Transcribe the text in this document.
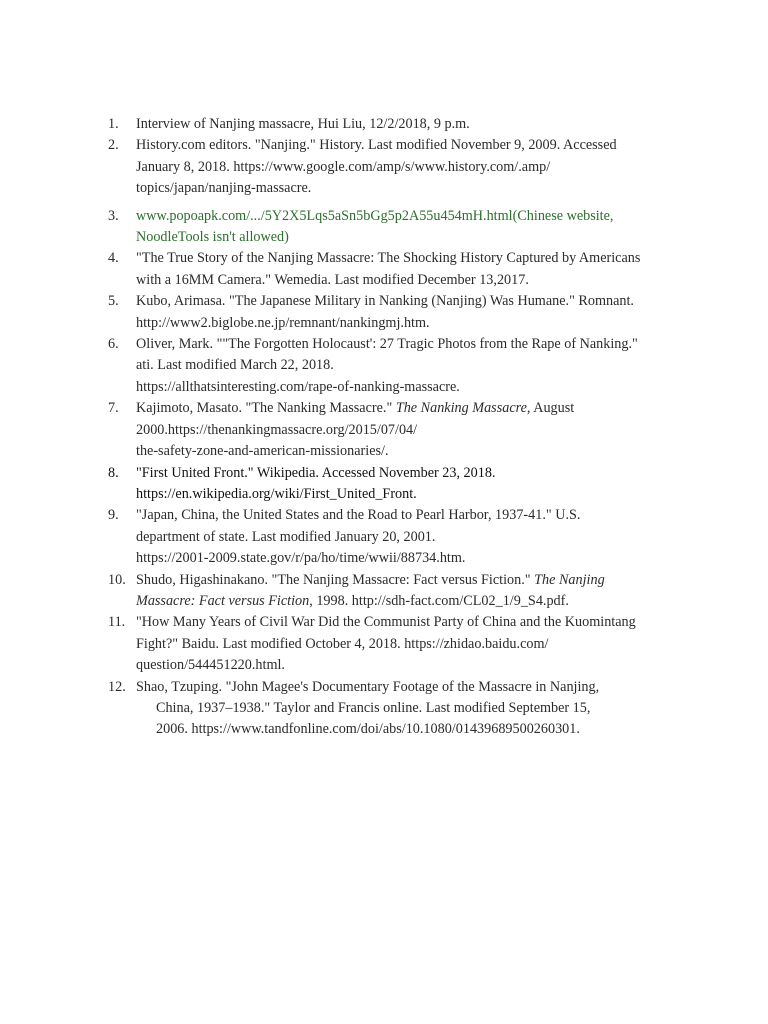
1.	Interview of Nanjing massacre, Hui Liu, 12/2/2018, 9 p.m.
2.	History.com editors. "Nanjing." History. Last modified November 9, 2009. Accessed
January 8, 2018. https://www.google.com/amp/s/www.history.com/.amp/
topics/japan/nanjing-massacre.
3.	www.popoapk.com/.../5Y2X5Lqs5aSn5bGg5p2A55u454mH.html(Chinese website,
NoodleTools isn't allowed)
4.	"The True Story of the Nanjing Massacre: The Shocking History Captured by Americans
with a 16MM Camera." Wemedia. Last modified December 13,2017.
5.	Kubo, Arimasa. "The Japanese Military in Nanking (Nanjing) Was Humane." Romnant.
http://www2.biglobe.ne.jp/remnant/nankingmj.htm.
6.	Oliver, Mark. ""The Forgotten Holocaust': 27 Tragic Photos from the Rape of Nanking."
ati. Last modified March 22, 2018.
https://allthatsinteresting.com/rape-of-nanking-massacre.
7.	Kajimoto, Masato. "The Nanking Massacre." The Nanking Massacre, August
2000.https://thenankingmassacre.org/2015/07/04/
the-safety-zone-and-american-missionaries/.
8.	"First United Front." Wikipedia. Accessed November 23, 2018.
https://en.wikipedia.org/wiki/First_United_Front.
9.	"Japan, China, the United States and the Road to Pearl Harbor, 1937-41." U.S.
department of state. Last modified January 20, 2001.
https://2001-2009.state.gov/r/pa/ho/time/wwii/88734.htm.
10. Shudo, Higashinakano. "The Nanjing Massacre: Fact versus Fiction." The Nanjing
Massacre: Fact versus Fiction, 1998. http://sdh-fact.com/CL02_1/9_S4.pdf.
11. "How Many Years of Civil War Did the Communist Party of China and the Kuomintang
Fight?" Baidu. Last modified October 4, 2018. https://zhidao.baidu.com/
question/544451220.html.
12. Shao, Tzuping. "John Magee's Documentary Footage of the Massacre in Nanjing,
China, 1937–1938." Taylor and Francis online. Last modified September 15,
2006. https://www.tandfonline.com/doi/abs/10.1080/01439689500260301.
